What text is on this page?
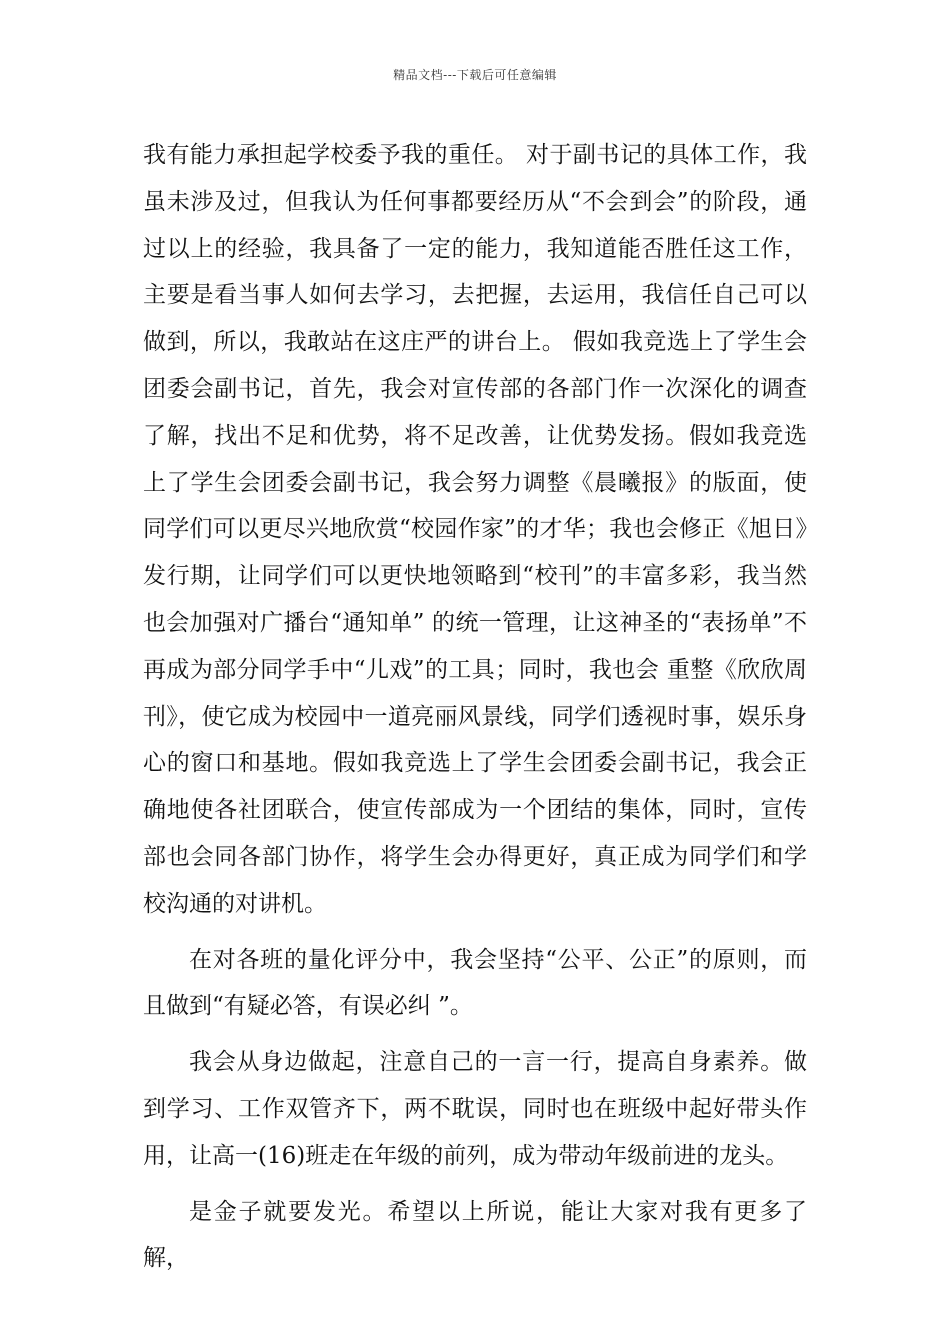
精品文档---下载后可任意编辑

我有能力承担起学校委予我的重任。 对于副书记的具体工作，我虽未涉及过，但我认为任何事都要经历从“不会到会”的阶段，通过以上的经验，我具备了一定的能力，我知道能否胜任这工作，主要是看当事人如何去学习，去把握，去运用，我信任自己可以做到，所以，我敢站在这庄严的讲台上。 假如我竞选上了学生会团委会副书记，首先，我会对宣传部的各部门作一次深化的调查了解，找出不足和优势，将不足改善，让优势发扬。假如我竞选上了学生会团委会副书记，我会努力调整《晨曦报》的版面，使同学们可以更尽兴地欣赏“校园作家”的才华；我也会修正《旭日》发行期，让同学们可以更快地领略到“校刊”的丰富多彩，我当然也会加强对广播台“通知单” 的统一管理，让这神圣的“表扬单”不再成为部分同学手中“儿戏”的工具；同时，我也会 重整《欣欣周刊》，使它成为校园中一道亮丽风景线，同学们透视时事，娱乐身心的窗口和基地。假如我竞选上了学生会团委会副书记，我会正确地使各社团联合，使宣传部成为一个团结的集体，同时，宣传部也会同各部门协作，将学生会办得更好，真正成为同学们和学校沟通的对讲机。

在对各班的量化评分中，我会坚持“公平、公正”的原则，而且做到“有疑必答，有误必纠 ”。

我会从身边做起，注意自己的一言一行，提高自身素养。做到学习、工作双管齐下，两不耽误，同时也在班级中起好带头作用，让高一(16)班走在年级的前列，成为带动年级前进的龙头。

是金子就要发光。希望以上所说，能让大家对我有更多了解，
